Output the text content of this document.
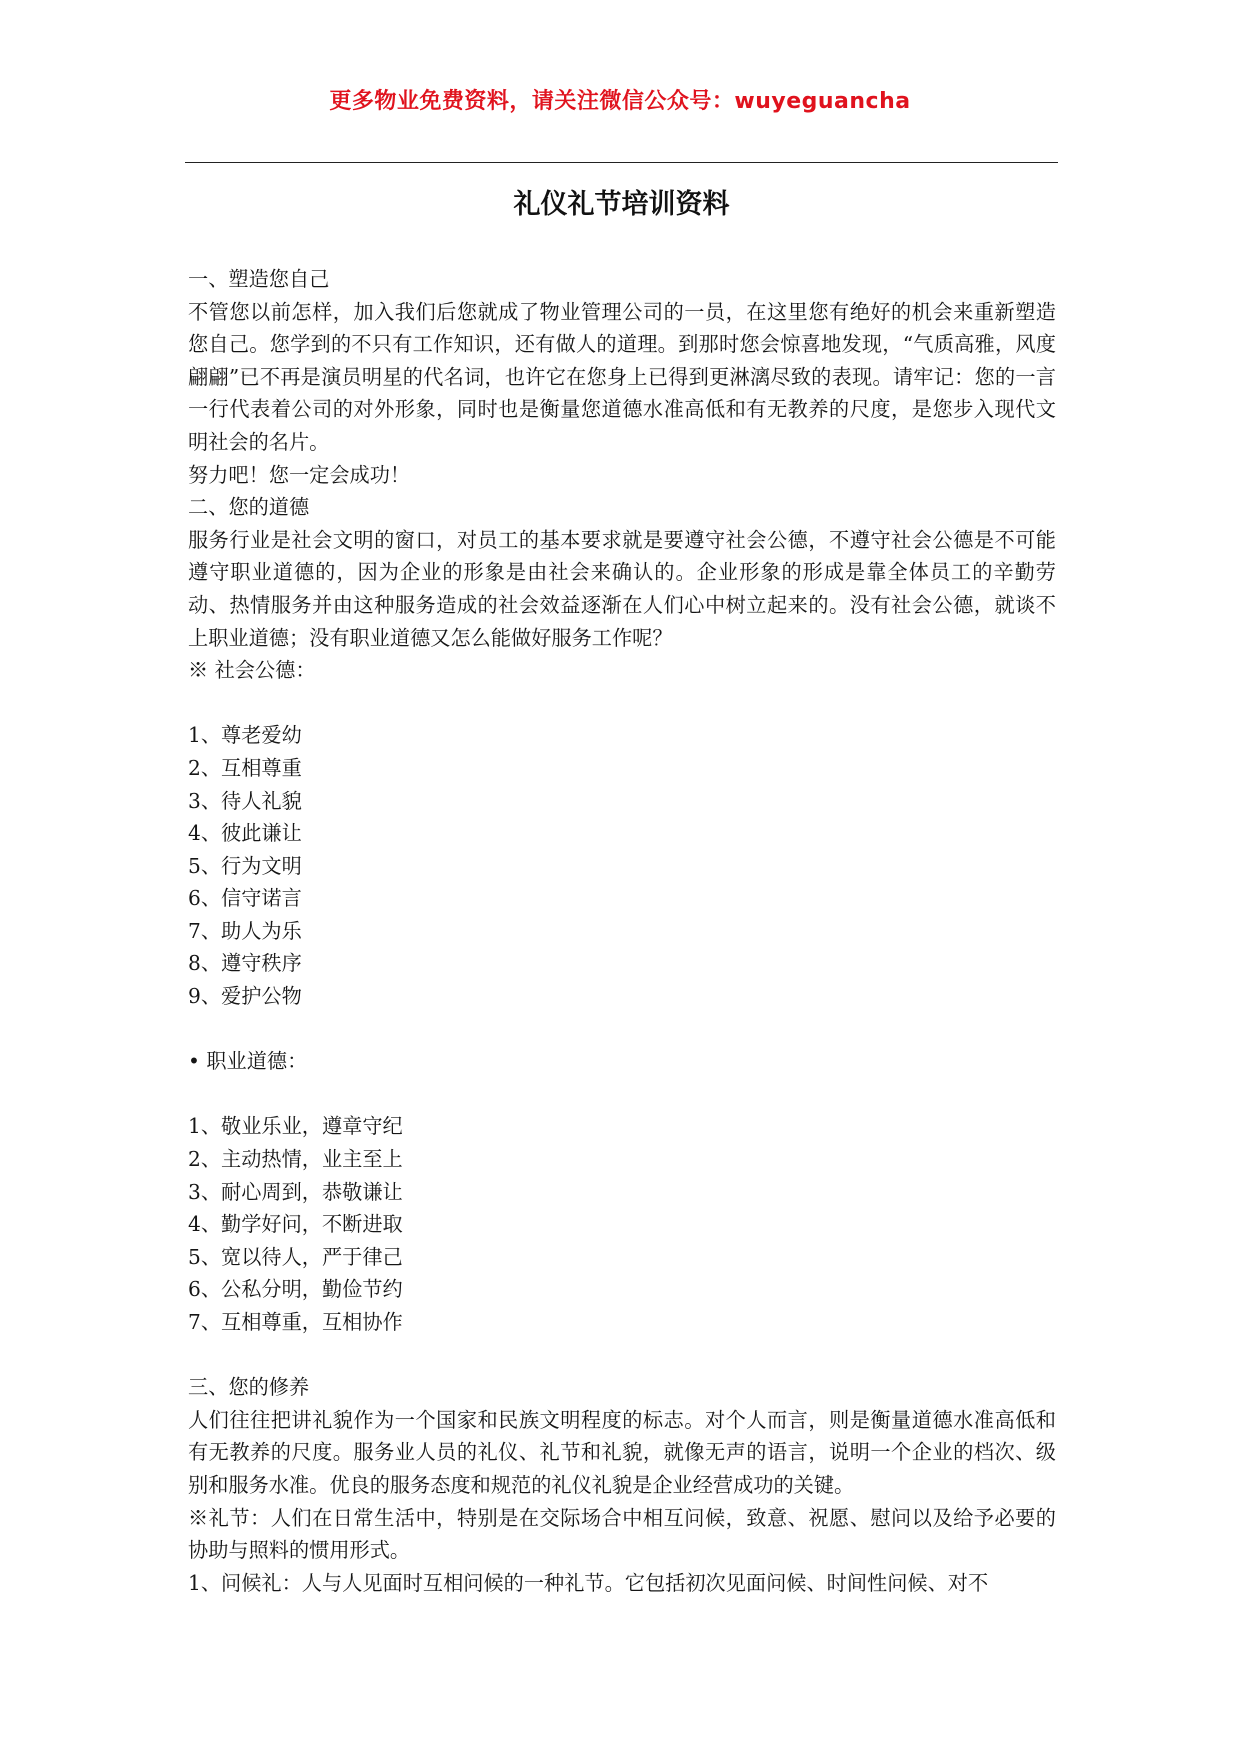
更多物业免费资料，请关注微信公众号：wuyeguancha
礼仪礼节培训资料

一、塑造您自己

不管您以前怎样，加入我们后您就成了物业管理公司的一员，在这里您有绝好的机会来重新塑造您自己。您学到的不只有工作知识，还有做人的道理。到那时您会惊喜地发现，“气质高雅，风度翩翩”已不再是演员明星的代名词，也许它在您身上已得到更淋漓尽致的表现。请牢记：您的一言一行代表着公司的对外形象，同时也是衡量您道德水准高低和有无教养的尺度，是您步入现代文明社会的名片。

努力吧！您一定会成功！

二、您的道德

服务行业是社会文明的窗口，对员工的基本要求就是要遵守社会公德，不遵守社会公德是不可能遵守职业道德的，因为企业的形象是由社会来确认的。企业形象的形成是靠全体员工的辛勤劳动、热情服务并由这种服务造成的社会效益逐渐在人们心中树立起来的。没有社会公德，就谈不上职业道德；没有职业道德又怎么能做好服务工作呢？

※ 社会公德：

1、尊老爱幼
2、互相尊重
3、待人礼貌
4、彼此谦让
5、行为文明
6、信守诺言
7、助人为乐
8、遵守秩序
9、爱护公物

• 职业道德：

1、敬业乐业，遵章守纪
2、主动热情，业主至上
3、耐心周到，恭敬谦让
4、勤学好问，不断进取
5、宽以待人，严于律己
6、公私分明，勤俭节约
7、互相尊重，互相协作

三、您的修养

人们往往把讲礼貌作为一个国家和民族文明程度的标志。对个人而言，则是衡量道德水准高低和有无教养的尺度。服务业人员的礼仪、礼节和礼貌，就像无声的语言，说明一个企业的档次、级别和服务水准。优良的服务态度和规范的礼仪礼貌是企业经营成功的关键。

※礼节：人们在日常生活中，特别是在交际场合中相互问候，致意、祝愿、慰问以及给予必要的协助与照料的惯用形式。

1、问候礼：人与人见面时互相问候的一种礼节。它包括初次见面问候、时间性问候、对不
